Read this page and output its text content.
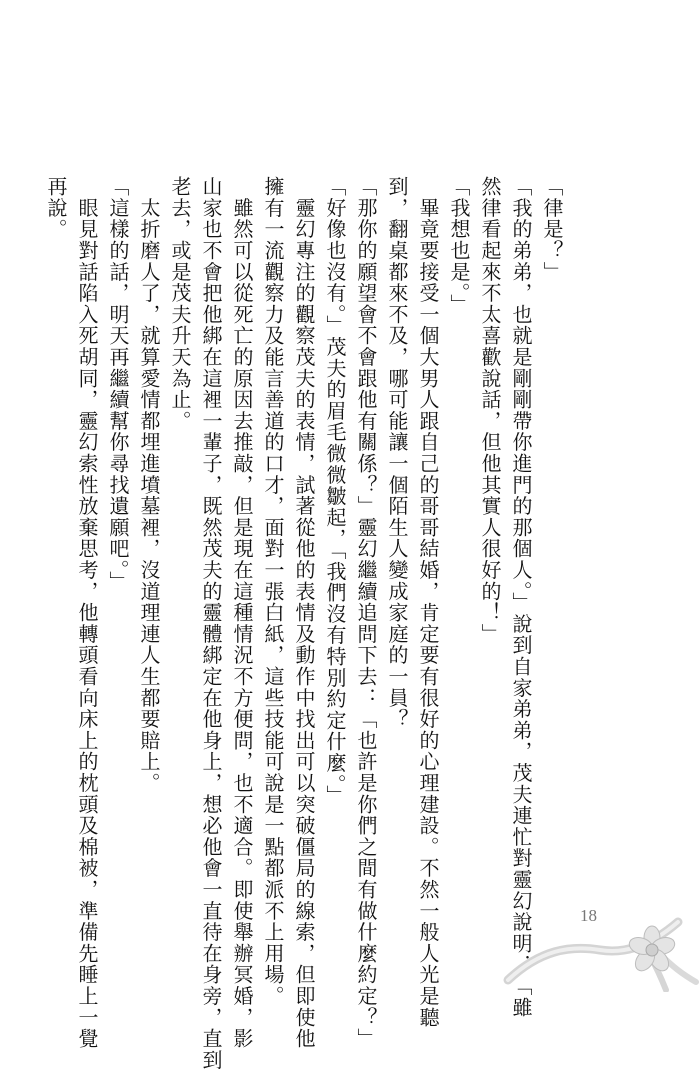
「律是？」

「我的弟弟，也就是剛剛帶你進門的那個人。」說到自家弟弟，茂夫連忙對靈幻說明：「雖

然律看起來不太喜歡說話，但他其實人很好的！」

「我想也是。」

　畢竟要接受一個大男人跟自己的哥哥結婚，肯定要有很好的心理建設。不然一般人光是聽

到，翻桌都來不及，哪可能讓一個陌生人變成家庭的一員？

「那你的願望會不會跟他有關係？」靈幻繼續追問下去：「也許是你們之間有做什麼約定？」

「好像也沒有。」茂夫的眉毛微微皺起，「我們沒有特別約定什麼。」

　靈幻專注的觀察茂夫的表情，試著從他的表情及動作中找出可以突破僵局的線索，但即使他

擁有一流觀察力及能言善道的口才，面對一張白紙，這些技能可說是一點都派不上用場。

　雖然可以從死亡的原因去推敲，但是現在這種情況不方便問，也不適合。即使舉辦冥婚，影

山家也不會把他綁在這裡一輩子，既然茂夫的靈體綁定在他身上，想必他會一直待在身旁，直到

老去，或是茂夫升天為止。

　太折磨人了，就算愛情都埋進墳墓裡，沒道理連人生都要賠上。

「這樣的話，明天再繼續幫你尋找遺願吧。」

　眼見對話陷入死胡同，靈幻索性放棄思考，他轉頭看向床上的枕頭及棉被，準備先睡上一覺

再說。

18
